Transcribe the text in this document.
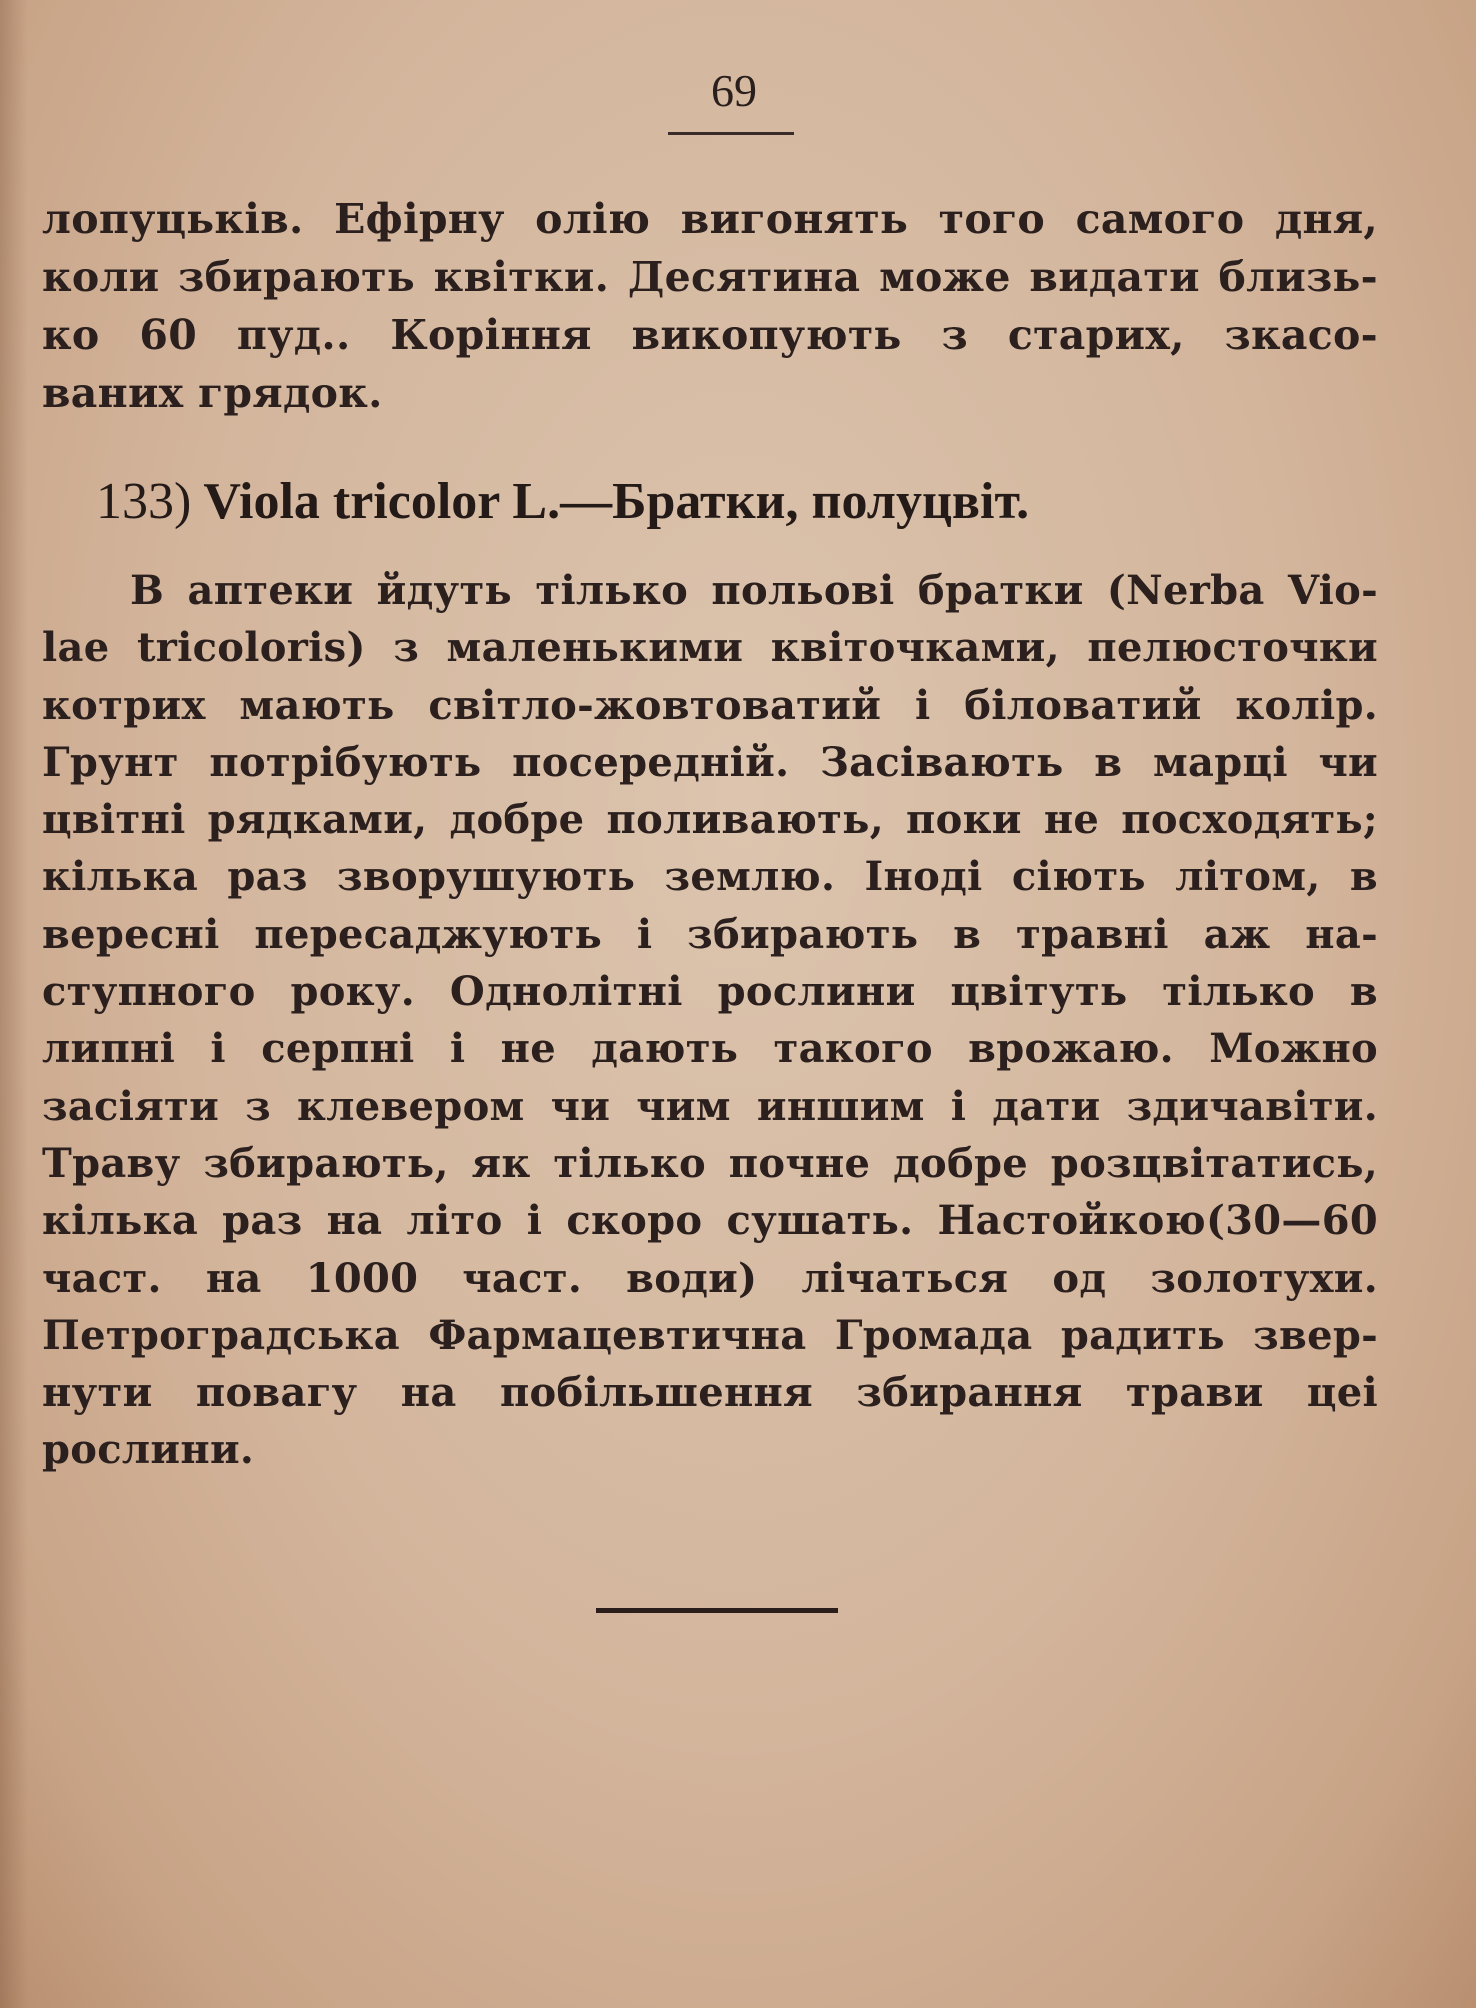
69
лопуцьків. Ефірну олію вигонять того самого дня,
коли збирають квітки. Десятина може видати близь-
ко 60 пуд.. Коріння викопують з старих, зкасо-
ваних грядок.
133) Viola tricolor L.—Братки, полуцвіт.
В аптеки йдуть тілько польові братки (Nerba Vio-
lae tricoloris) з маленькими квіточками, пелюсточки
котрих мають світло-жовтоватий і біловатий колір.
Грунт потрібують посередній. Засівають в марці чи
цвітні рядками, добре поливають, поки не посходять;
кілька раз зворушують землю. Іноді сіють літом, в
вересні пересаджують і збирають в травні аж на-
ступного року. Однолітні рослини цвітуть тілько в
липні і серпні і не дають такого врожаю. Можно
засіяти з клевером чи чим иншим і дати здичавіти.
Траву збирають, як тілько почне добре розцвітатись,
кілька раз на літо і скоро сушать. Настойкою(30—60
част. на 1000 част. води) лічаться од золотухи.
Петроградська Фармацевтична Громада радить звер-
нути повагу на побільшення збирання трави цеі
рослини.
